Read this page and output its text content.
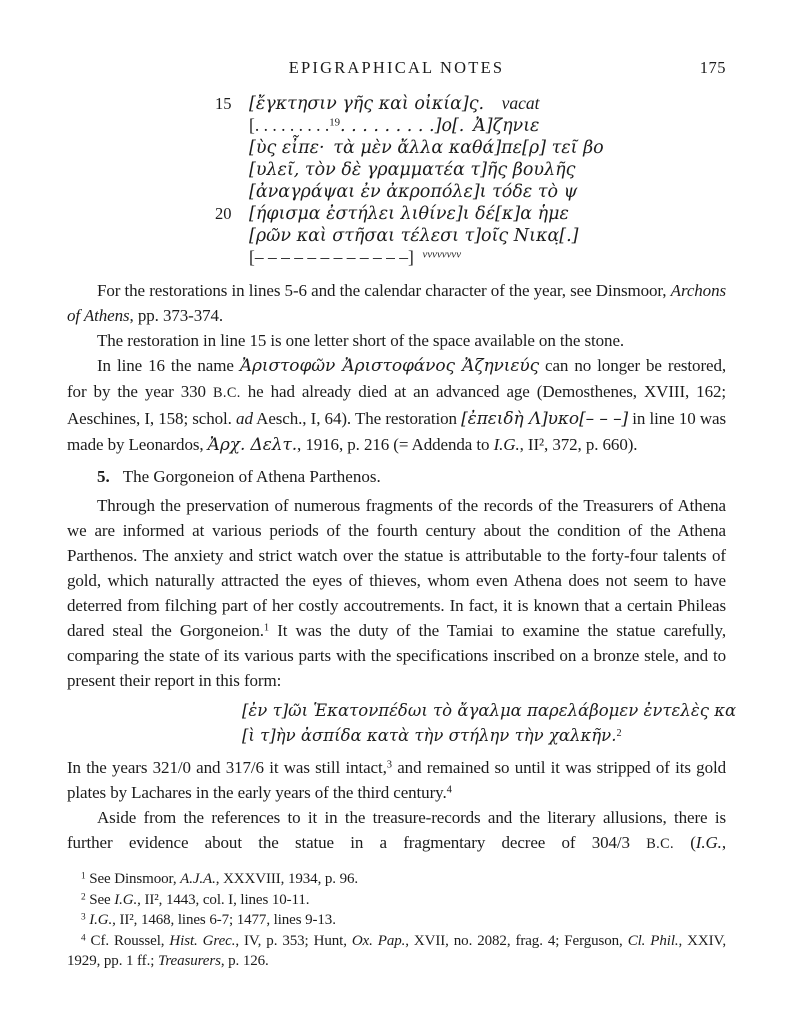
EPIGRAPHICAL NOTES	175
15 [ἔγκτησιν γῆς καὶ οἰκία]ς.   vacat
[. . . . . . . . .$^{19}$. . . . . . . . .]ο[. Ἀ]ζηνιε
[ὺς εἶπε· τὰ μὲν ἄλλα καθά]πε[ρ] τεῖ βο
[υλεῖ, τὸν δὲ γραμματέα τ]ῆς βουλῆς
[ἀναγράψαι ἐν ἀκροπόλε]ι τόδε τὸ ψ
20 [ήφισμα ἐστήλει λιθίνε]ι δέ[κ]α ἡμε
[ρῶν καὶ στῆσαι τέλεσι τ]οῖς Νικα̣[.]
[– – – – – – – – – – – –]  $^{vvvvvvvv}$

For the restorations in lines 5-6 and the calendar character of the year, see Dinsmoor, Archons of Athens, pp. 373-374.

The restoration in line 15 is one letter short of the space available on the stone.

In line 16 the name Ἀριστοφῶν Ἀριστοφάνος Ἀζηνιεύς can no longer be restored, for by the year 330 B.C. he had already died at an advanced age (Demosthenes, XVIII, 162; Aeschines, I, 158; schol. ad Aesch., I, 64). The restoration [ἐπειδὴ Λ]υκο[– – –] in line 10 was made by Leonardos, Ἀρχ. Δελτ., 1916, p. 216 (= Addenda to I.G., II², 372, p. 660).

5. The Gorgoneion of Athena Parthenos.

Through the preservation of numerous fragments of the records of the Treasurers of Athena we are informed at various periods of the fourth century about the condition of the Athena Parthenos. The anxiety and strict watch over the statue is attributable to the forty-four talents of gold, which naturally attracted the eyes of thieves, whom even Athena does not seem to have deterred from filching part of her costly accoutrements. In fact, it is known that a certain Phileas dared steal the Gorgoneion.$^1$ It was the duty of the Tamiai to examine the statue carefully, comparing the state of its various parts with the specifications inscribed on a bronze stele, and to present their report in this form:

[ἐν τ]ῶι Ἑκατονπέδωι τὸ ἄγαλμα παρελάβομεν ἐντελὲς κα
[ὶ τ]ὴν ἀσπίδα κατὰ τὴν στήλην τὴν χαλκῆν.$^2$

In the years 321/0 and 317/6 it was still intact,$^3$ and remained so until it was stripped of its gold plates by Lachares in the early years of the third century.$^4$

Aside from the references to it in the treasure-records and the literary allusions, there is further evidence about the statue in a fragmentary decree of 304/3 B.C. (I.G.,

$^1$ See Dinsmoor, A.J.A., XXXVIII, 1934, p. 96.

$^2$ See I.G., II², 1443, col. I, lines 10-11.

$^3$ I.G., II², 1468, lines 6-7; 1477, lines 9-13.

$^4$ Cf. Roussel, Hist. Grec., IV, p. 353; Hunt, Ox. Pap., XVII, no. 2082, frag. 4; Ferguson, Cl. Phil., XXIV, 1929, pp. 1 ff.; Treasurers, p. 126.
